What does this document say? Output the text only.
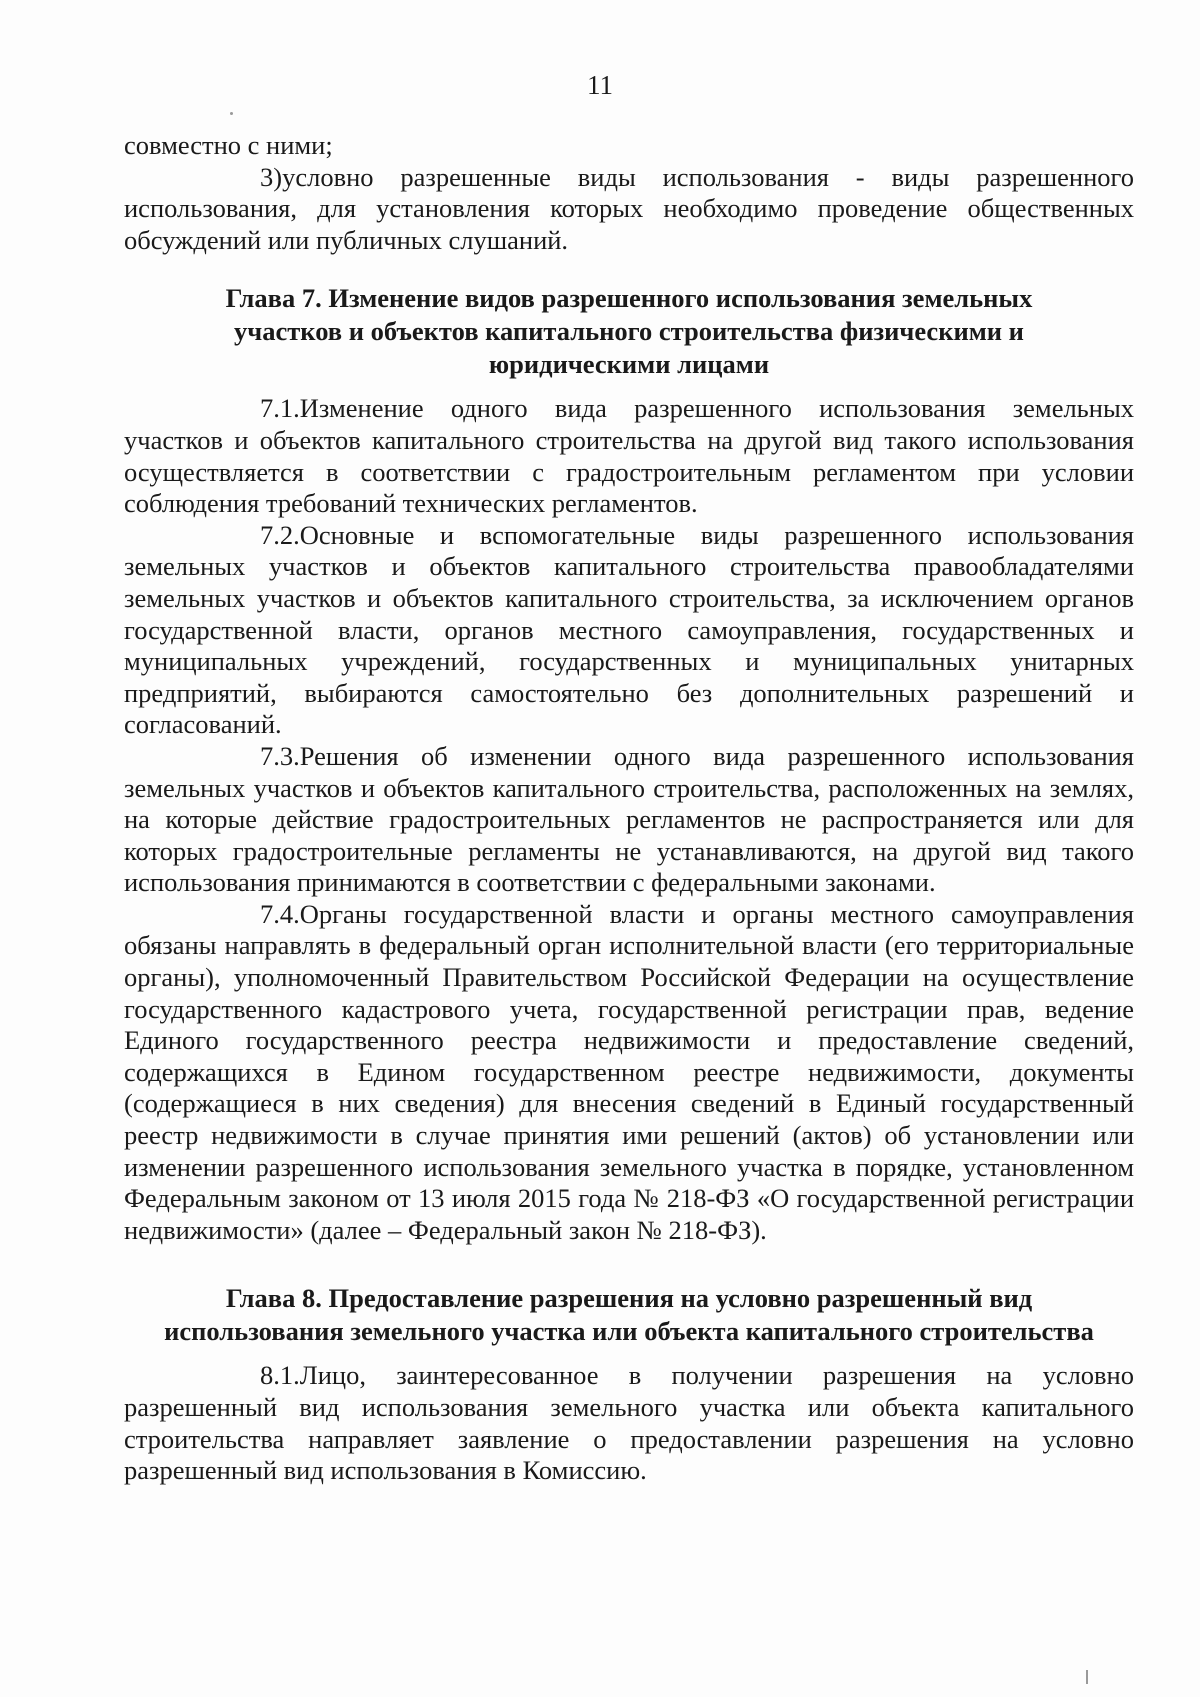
11

совместно с ними;

3)условно разрешенные виды использования - виды разрешенного использования, для установления которых необходимо проведение общественных обсуждений или публичных слушаний.

Глава 7. Изменение видов разрешенного использования земельных
участков и объектов капитального строительства физическими и
юридическими лицами

7.1.Изменение одного вида разрешенного использования земельных участков и объектов капитального строительства на другой вид такого использования осуществляется в соответствии с градостроительным регламентом при условии соблюдения требований технических регламентов.

7.2.Основные и вспомогательные виды разрешенного использования земельных участков и объектов капитального строительства правообладателями земельных участков и объектов капитального строительства, за исключением органов государственной власти, органов местного самоуправления, государственных и муниципальных учреждений, государственных и муниципальных унитарных предприятий, выбираются самостоятельно без дополнительных разрешений и согласований.

7.3.Решения об изменении одного вида разрешенного использования земельных участков и объектов капитального строительства, расположенных на землях, на которые действие градостроительных регламентов не распространяется или для которых градостроительные регламенты не устанавливаются, на другой вид такого использования принимаются в соответствии с федеральными законами.

7.4.Органы государственной власти и органы местного самоуправления обязаны направлять в федеральный орган исполнительной власти (его территориальные органы), уполномоченный Правительством Российской Федерации на осуществление государственного кадастрового учета, государственной регистрации прав, ведение Единого государственного реестра недвижимости и предоставление сведений, содержащихся в Едином государственном реестре недвижимости, документы (содержащиеся в них сведения) для внесения сведений в Единый государственный реестр недвижимости в случае принятия ими решений (актов) об установлении или изменении разрешенного использования земельного участка в порядке, установленном Федеральным законом от 13 июля 2015 года № 218-ФЗ «О государственной регистрации недвижимости» (далее – Федеральный закон № 218-ФЗ).

Глава 8. Предоставление разрешения на условно разрешенный вид
использования земельного участка или объекта капитального строительства

8.1.Лицо, заинтересованное в получении разрешения на условно разрешенный вид использования земельного участка или объекта капитального строительства направляет заявление о предоставлении разрешения на условно разрешенный вид использования в Комиссию.
